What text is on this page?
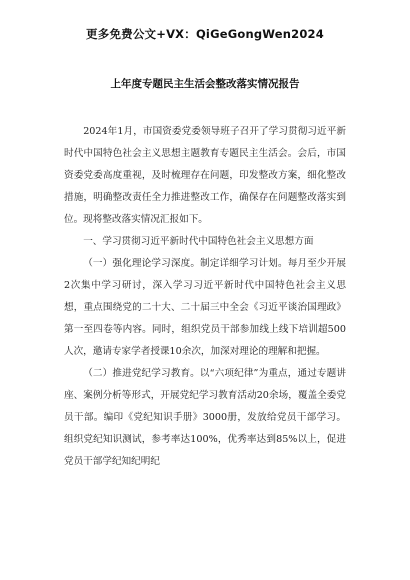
更多免费公文+VX：QiGeGongWen2024
上年度专题民主生活会整改落实情况报告

2024年1月，市国资委党委领导班子召开了学习贯彻习近平新时代中国特色社会主义思想主题教育专题民主生活会。会后，市国资委党委高度重视，及时梳理存在问题，印发整改方案，细化整改措施，明确整改责任全力推进整改工作，确保存在问题整改落实到位。现将整改落实情况汇报如下。

一、学习贯彻习近平新时代中国特色社会主义思想方面

（一）强化理论学习深度。制定详细学习计划。每月至少开展2次集中学习研讨，深入学习习近平新时代中国特色社会主义思想，重点围绕党的二十大、二十届三中全会《习近平谈治国理政》第一至四卷等内容。同时，组织党员干部参加线上线下培训超500人次，邀请专家学者授课10余次，加深对理论的理解和把握。

（二）推进党纪学习教育。以“六项纪律”为重点，通过专题讲座、案例分析等形式，开展党纪学习教育活动20余场，覆盖全委党员干部。编印《党纪知识手册》3000册，发放给党员干部学习。组织党纪知识测试，参考率达100%，优秀率达到85%以上，促进党员干部学纪知纪明纪
